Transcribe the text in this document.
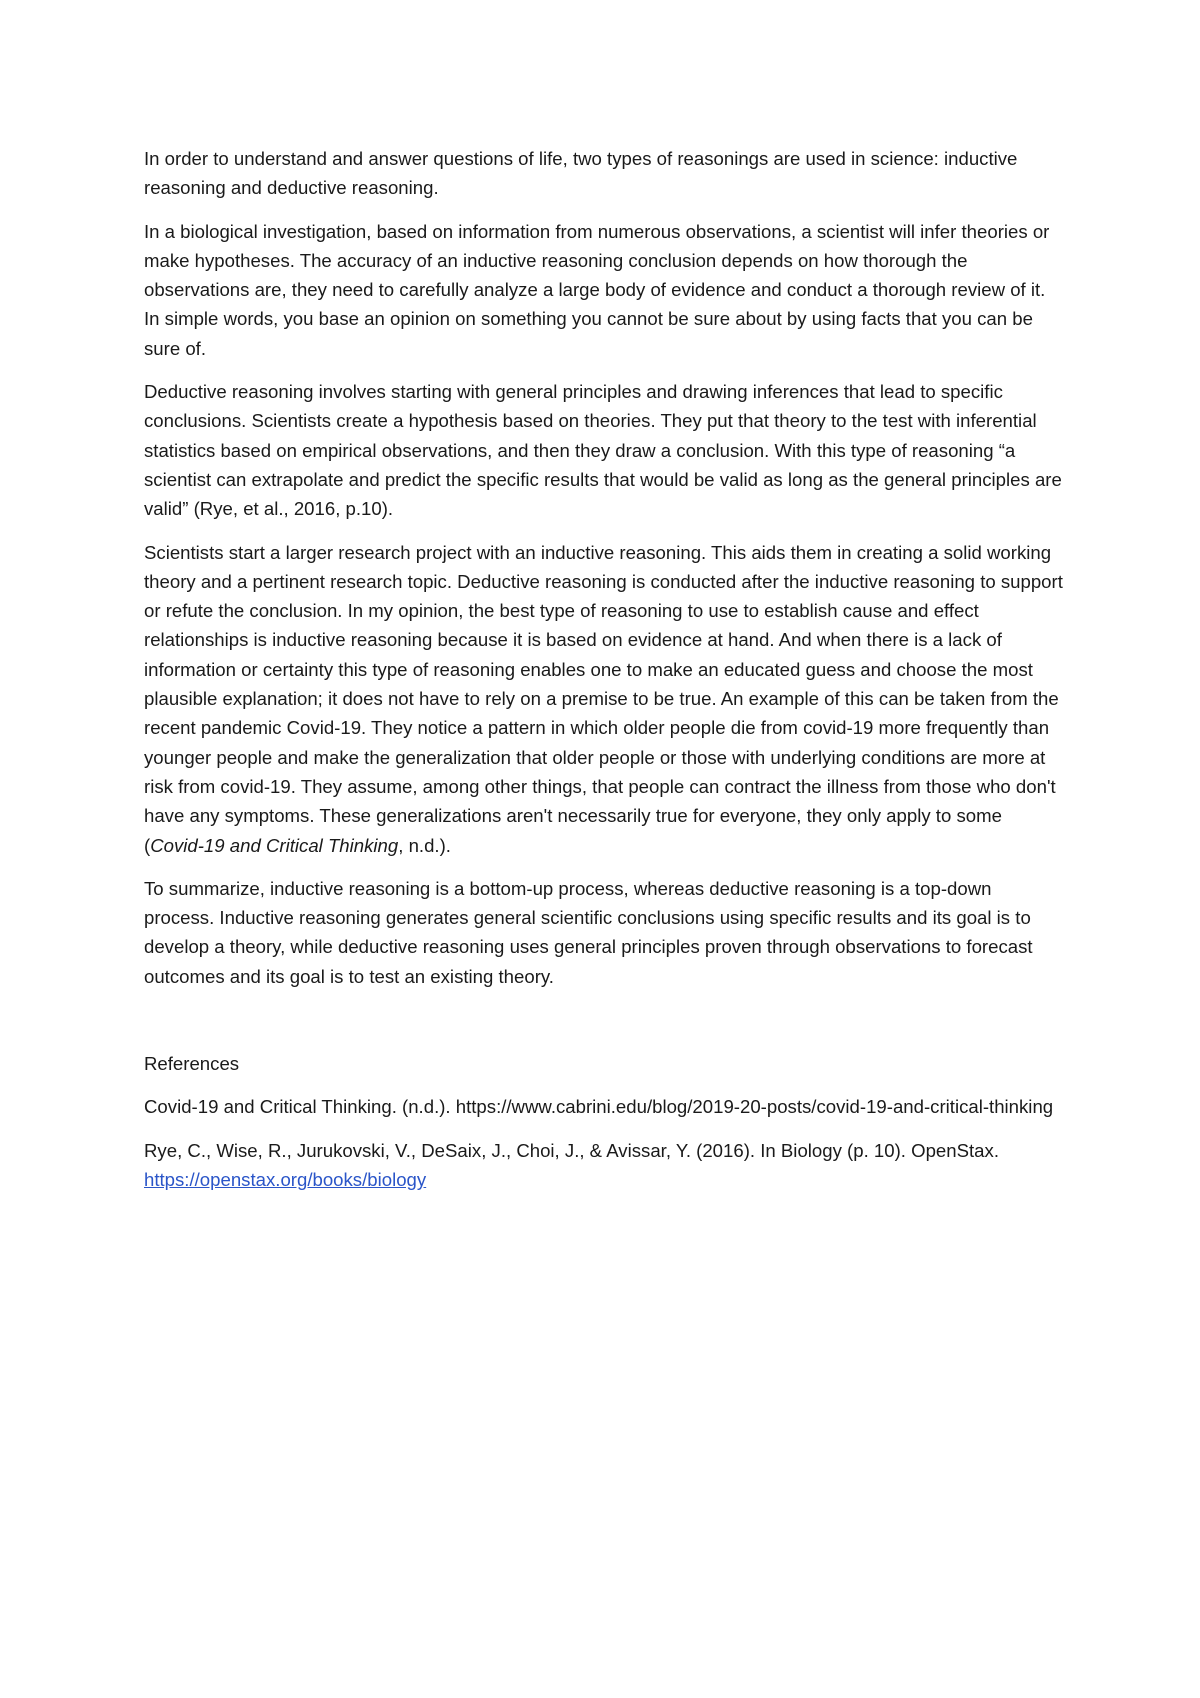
In order to understand and answer questions of life, two types of reasonings are used in science: inductive reasoning and deductive reasoning.

In a biological investigation, based on information from numerous observations, a scientist will infer theories or make hypotheses. The accuracy of an inductive reasoning conclusion depends on how thorough the observations are, they need to carefully analyze a large body of evidence and conduct a thorough review of it. In simple words, you base an opinion on something you cannot be sure about by using facts that you can be sure of.

Deductive reasoning involves starting with general principles and drawing inferences that lead to specific conclusions. Scientists create a hypothesis based on theories. They put that theory to the test with inferential statistics based on empirical observations, and then they draw a conclusion. With this type of reasoning “a scientist can extrapolate and predict the specific results that would be valid as long as the general principles are valid” (Rye, et al., 2016, p.10).

Scientists start a larger research project with an inductive reasoning. This aids them in creating a solid working theory and a pertinent research topic. Deductive reasoning is conducted after the inductive reasoning to support or refute the conclusion. In my opinion, the best type of reasoning to use to establish cause and effect relationships is inductive reasoning because it is based on evidence at hand. And when there is a lack of information or certainty this type of reasoning enables one to make an educated guess and choose the most plausible explanation; it does not have to rely on a premise to be true. An example of this can be taken from the recent pandemic Covid-19. They notice a pattern in which older people die from covid-19 more frequently than younger people and make the generalization that older people or those with underlying conditions are more at risk from covid-19. They assume, among other things, that people can contract the illness from those who don't have any symptoms. These generalizations aren't necessarily true for everyone, they only apply to some (Covid-19 and Critical Thinking, n.d.).

To summarize, inductive reasoning is a bottom-up process, whereas deductive reasoning is a top-down process. Inductive reasoning generates general scientific conclusions using specific results and its goal is to develop a theory, while deductive reasoning uses general principles proven through observations to forecast outcomes and its goal is to test an existing theory.

References

Covid-19 and Critical Thinking. (n.d.). https://www.cabrini.edu/blog/2019-20-posts/covid-19-and-critical-thinking

Rye, C., Wise, R., Jurukovski, V., DeSaix, J., Choi, J., & Avissar, Y. (2016). In Biology (p. 10). OpenStax.
https://openstax.org/books/biology
